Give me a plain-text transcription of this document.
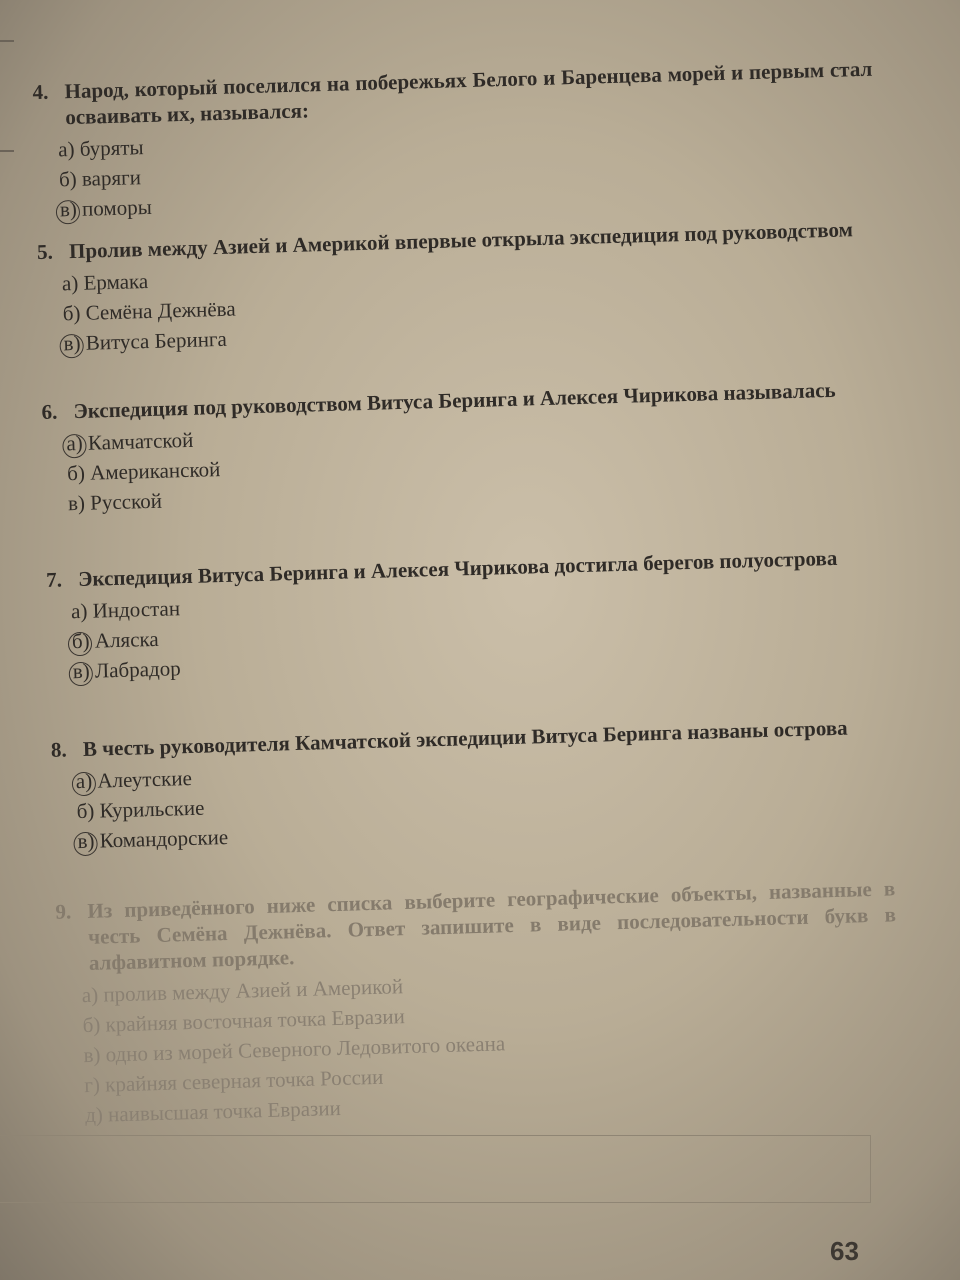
4. Народ, который поселился на побережьях Белого и Баренцева морей и первым стал осваивать их, назывался:
а) буряты
б) варяги
в) поморы
5. Пролив между Азией и Америкой впервые открыла экспедиция под руководством
а) Ермака
б) Семёна Дежнёва
в) Витуса Беринга
6. Экспедиция под руководством Витуса Беринга и Алексея Чирикова называлась
а) Камчатской
б) Американской
в) Русской
7. Экспедиция Витуса Беринга и Алексея Чирикова достигла берегов полуострова
а) Индостан
б) Аляска
в) Лабрадор
8. В честь руководителя Камчатской экспедиции Витуса Беринга названы острова
а) Алеутские
б) Курильские
в) Командорские
9. Из приведённого ниже списка выберите географические объекты, названные в честь Семёна Дежнёва. Ответ запишите в виде последовательности букв в алфавитном порядке.
а) пролив между Азией и Америкой
б) крайняя восточная точка Евразии
в) одно из морей Северного Ледовитого океана
г) крайняя северная точка России
д) наивысшая точка Евразии
63
